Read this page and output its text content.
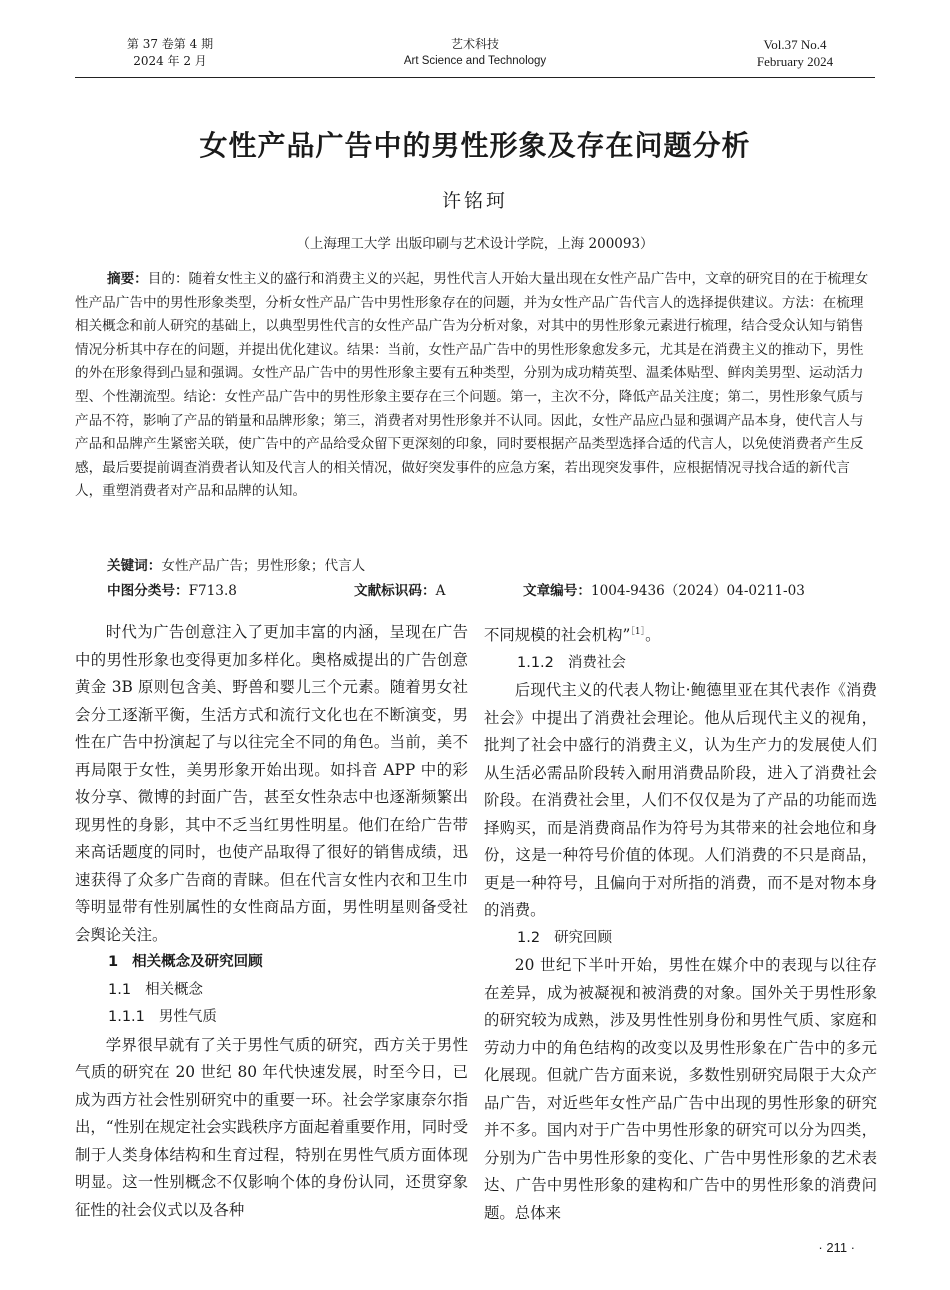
第 37 卷第 4 期
2024 年 2 月
艺术科技
Art Science and Technology
Vol.37 No.4
February 2024
女性产品广告中的男性形象及存在问题分析
许铭珂
（上海理工大学 出版印刷与艺术设计学院，上海 200093）

摘要：目的：随着女性主义的盛行和消费主义的兴起，男性代言人开始大量出现在女性产品广告中，文章的研究目的在于梳理女性产品广告中的男性形象类型，分析女性产品广告中男性形象存在的问题，并为女性产品广告代言人的选择提供建议。方法：在梳理相关概念和前人研究的基础上，以典型男性代言的女性产品广告为分析对象，对其中的男性形象元素进行梳理，结合受众认知与销售情况分析其中存在的问题，并提出优化建议。结果：当前，女性产品广告中的男性形象愈发多元，尤其是在消费主义的推动下，男性的外在形象得到凸显和强调。女性产品广告中的男性形象主要有五种类型，分别为成功精英型、温柔体贴型、鲜肉美男型、运动活力型、个性潮流型。结论：女性产品广告中的男性形象主要存在三个问题。第一，主次不分，降低产品关注度；第二，男性形象气质与产品不符，影响了产品的销量和品牌形象；第三，消费者对男性形象并不认同。因此，女性产品应凸显和强调产品本身，使代言人与产品和品牌产生紧密关联，使广告中的产品给受众留下更深刻的印象，同时要根据产品类型选择合适的代言人，以免使消费者产生反感，最后要提前调查消费者认知及代言人的相关情况，做好突发事件的应急方案，若出现突发事件，应根据情况寻找合适的新代言人，重塑消费者对产品和品牌的认知。

关键词：女性产品广告；男性形象；代言人
中图分类号：F713.8	文献标识码：A	文章编号：1004-9436（2024）04-0211-03

时代为广告创意注入了更加丰富的内涵，呈现在广告中的男性形象也变得更加多样化。奥格威提出的广告创意黄金 3B 原则包含美、野兽和婴儿三个元素。随着男女社会分工逐渐平衡，生活方式和流行文化也在不断演变，男性在广告中扮演起了与以往完全不同的角色。当前，美不再局限于女性，美男形象开始出现。如抖音 APP 中的彩妆分享、微博的封面广告，甚至女性杂志中也逐渐频繁出现男性的身影，其中不乏当红男性明星。他们在给广告带来高话题度的同时，也使产品取得了很好的销售成绩，迅速获得了众多广告商的青睐。但在代言女性内衣和卫生巾等明显带有性别属性的女性商品方面，男性明星则备受社会舆论关注。

1 相关概念及研究回顾

1.1 相关概念

1.1.1 男性气质

学界很早就有了关于男性气质的研究，西方关于男性气质的研究在 20 世纪 80 年代快速发展，时至今日，已成为西方社会性别研究中的重要一环。社会学家康奈尔指出，“性别在规定社会实践秩序方面起着重要作用，同时受制于人类身体结构和生育过程，特别在男性气质方面体现明显。这一性别概念不仅影响个体的身份认同，还贯穿象征性的社会仪式以及各种

不同规模的社会机构”$^{[1]}$。

1.1.2 消费社会

后现代主义的代表人物让·鲍德里亚在其代表作《消费社会》中提出了消费社会理论。他从后现代主义的视角，批判了社会中盛行的消费主义，认为生产力的发展使人们从生活必需品阶段转入耐用消费品阶段，进入了消费社会阶段。在消费社会里，人们不仅仅是为了产品的功能而选择购买，而是消费商品作为符号为其带来的社会地位和身份，这是一种符号价值的体现。人们消费的不只是商品，更是一种符号，且偏向于对所指的消费，而不是对物本身的消费。

1.2 研究回顾

20 世纪下半叶开始，男性在媒介中的表现与以往存在差异，成为被凝视和被消费的对象。国外关于男性形象的研究较为成熟，涉及男性性别身份和男性气质、家庭和劳动力中的角色结构的改变以及男性形象在广告中的多元化展现。但就广告方面来说，多数性别研究局限于大众产品广告，对近些年女性产品广告中出现的男性形象的研究并不多。国内对于广告中男性形象的研究可以分为四类，分别为广告中男性形象的变化、广告中男性形象的艺术表达、广告中男性形象的建构和广告中的男性形象的消费问题。总体来

· 211 ·
